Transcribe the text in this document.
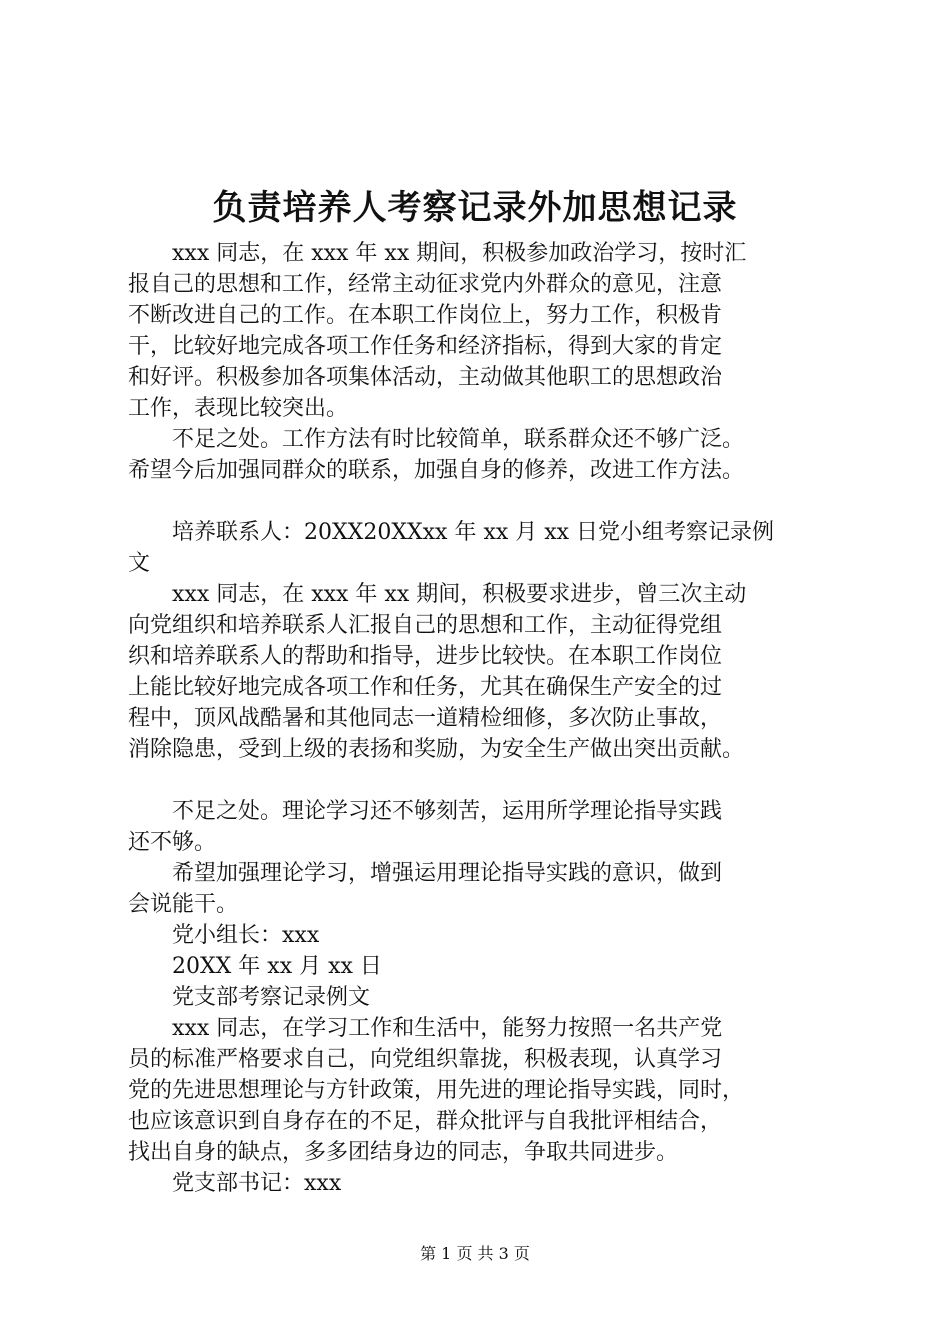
负责培养人考察记录外加思想记录
　　xxx 同志，在 xxx 年 xx 期间，积极参加政治学习，按时汇
报自己的思想和工作，经常主动征求党内外群众的意见，注意
不断改进自己的工作。在本职工作岗位上，努力工作，积极肯
干，比较好地完成各项工作任务和经济指标，得到大家的肯定
和好评。积极参加各项集体活动，主动做其他职工的思想政治
工作，表现比较突出。
　　不足之处。工作方法有时比较简单，联系群众还不够广泛。
希望今后加强同群众的联系，加强自身的修养，改进工作方法。

　　培养联系人：20XX20XXxx 年 xx 月 xx 日党小组考察记录例
文
　　xxx 同志，在 xxx 年 xx 期间，积极要求进步，曾三次主动
向党组织和培养联系人汇报自己的思想和工作，主动征得党组
织和培养联系人的帮助和指导，进步比较快。在本职工作岗位
上能比较好地完成各项工作和任务，尤其在确保生产安全的过
程中，顶风战酷暑和其他同志一道精检细修，多次防止事故，
消除隐患，受到上级的表扬和奖励，为安全生产做出突出贡献。

　　不足之处。理论学习还不够刻苦，运用所学理论指导实践
还不够。
　　希望加强理论学习，增强运用理论指导实践的意识，做到
会说能干。
　　党小组长：xxx
　　20XX 年 xx 月 xx 日
　　党支部考察记录例文
　　xxx 同志，在学习工作和生活中，能努力按照一名共产党
员的标准严格要求自己，向党组织靠拢，积极表现，认真学习
党的先进思想理论与方针政策，用先进的理论指导实践，同时，
也应该意识到自身存在的不足，群众批评与自我批评相结合，
找出自身的缺点，多多团结身边的同志，争取共同进步。
　　党支部书记：xxx
第 1 页 共 3 页
